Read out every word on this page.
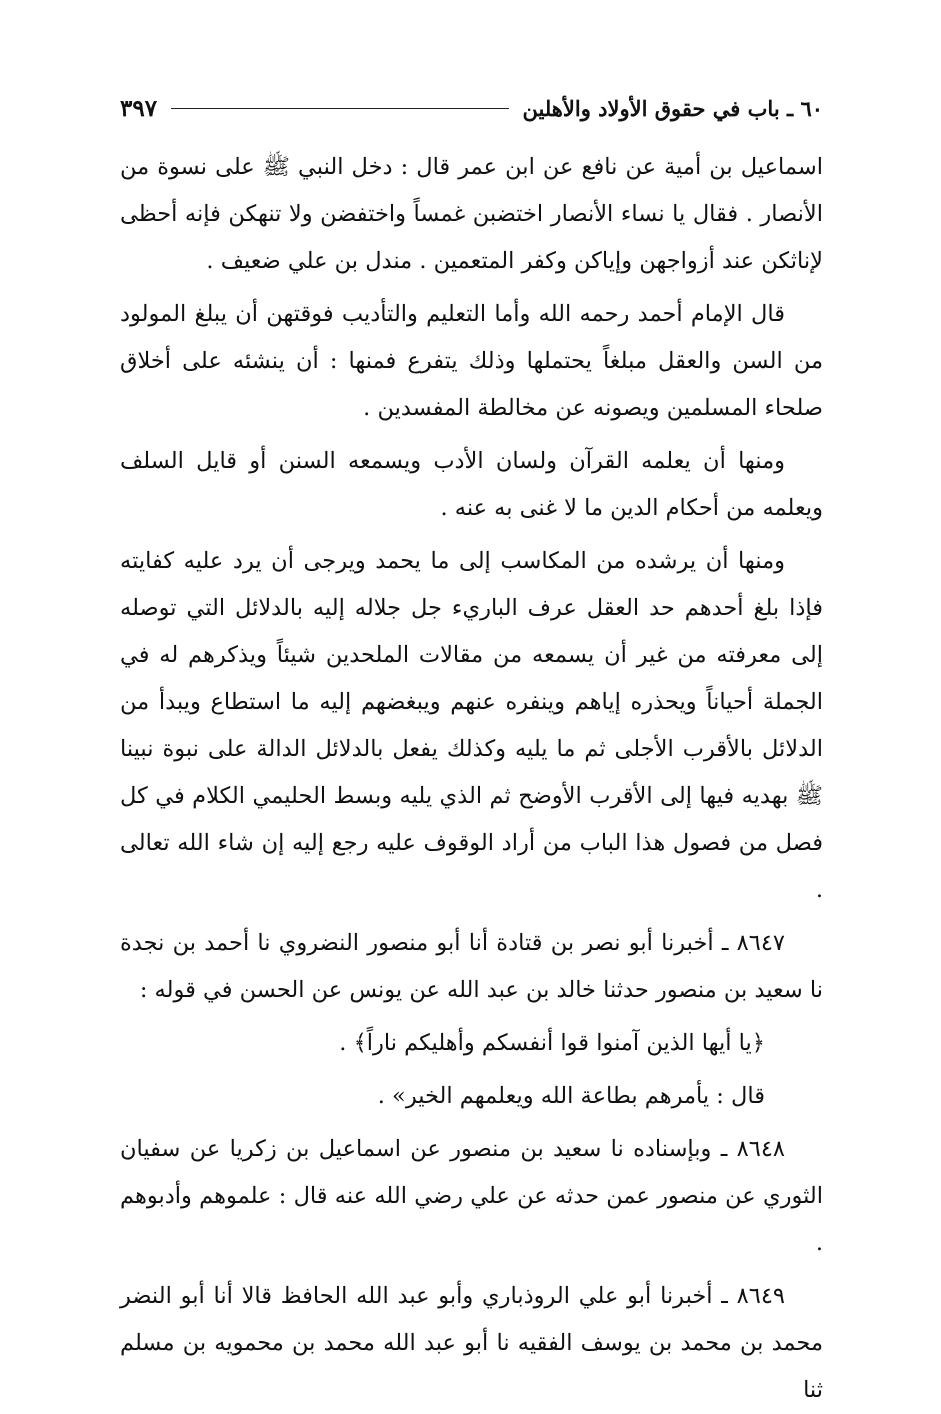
٦٠ ـ باب في حقوق الأولاد والأهلين
٣٩٧

اسماعيل بن أمية عن نافع عن ابن عمر قال : دخل النبي ﷺ على نسوة من الأنصار . فقال يا نساء الأنصار اختضبن غمساً واختفضن ولا تنهكن فإنه أحظى لإناثكن عند أزواجهن وإياكن وكفر المتعمين . مندل بن علي ضعيف .

قال الإمام أحمد رحمه الله وأما التعليم والتأديب فوقتهن أن يبلغ المولود من السن والعقل مبلغاً يحتملها وذلك يتفرع فمنها : أن ينشئه على أخلاق صلحاء المسلمين ويصونه عن مخالطة المفسدين .

ومنها أن يعلمه القرآن ولسان الأدب ويسمعه السنن أو قايل السلف ويعلمه من أحكام الدين ما لا غنى به عنه .

ومنها أن يرشده من المكاسب إلى ما يحمد ويرجى أن يرد عليه كفايته فإذا بلغ أحدهم حد العقل عرف الباريء جل جلاله إليه بالدلائل التي توصله إلى معرفته من غير أن يسمعه من مقالات الملحدين شيئاً ويذكرهم له في الجملة أحياناً ويحذره إياهم وينفره عنهم ويبغضهم إليه ما استطاع ويبدأ من الدلائل بالأقرب الأجلى ثم ما يليه وكذلك يفعل بالدلائل الدالة على نبوة نبينا ﷺ بهديه فيها إلى الأقرب الأوضح ثم الذي يليه وبسط الحليمي الكلام في كل فصل من فصول هذا الباب من أراد الوقوف عليه رجع إليه إن شاء الله تعالى .

٨٦٤٧ ـ أخبرنا أبو نصر بن قتادة أنا أبو منصور النضروي نا أحمد بن نجدة نا سعيد بن منصور حدثنا خالد بن عبد الله عن يونس عن الحسن في قوله :

﴿يا أيها الذين آمنوا قوا أنفسكم وأهليكم ناراً﴾ .

قال : يأمرهم بطاعة الله ويعلمهم الخير» .

٨٦٤٨ ـ وبإسناده نا سعيد بن منصور عن اسماعيل بن زكريا عن سفيان الثوري عن منصور عمن حدثه عن علي رضي الله عنه قال : علموهم وأدبوهم .

٨٦٤٩ ـ أخبرنا أبو علي الروذباري وأبو عبد الله الحافظ قالا أنا أبو النضر محمد بن محمد بن يوسف الفقيه نا أبو عبد الله محمد بن محمويه بن مسلم ثنا
